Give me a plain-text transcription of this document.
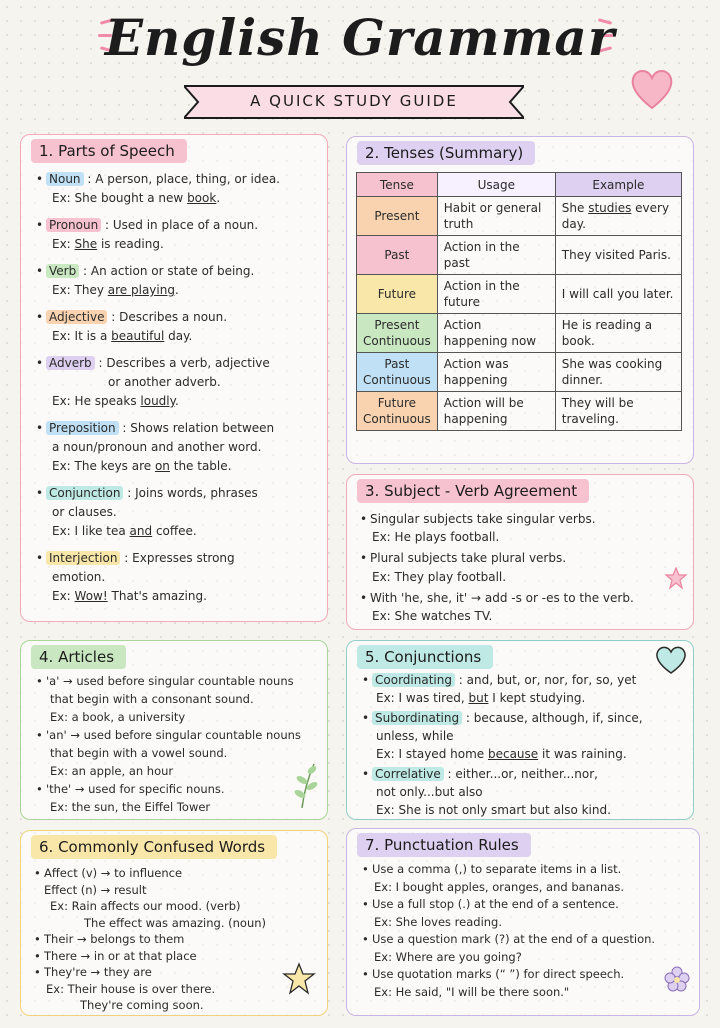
English Grammar
A QUICK STUDY GUIDE
1. Parts of Speech
• Noun : A person, place, thing, or idea.
Ex: She bought a new book.
• Pronoun : Used in place of a noun.
Ex: She is reading.
• Verb : An action or state of being.
Ex: They are playing.
• Adjective : Describes a noun.
Ex: It is a beautiful day.
• Adverb : Describes a verb, adjective
or another adverb.
Ex: He speaks loudly.
• Preposition : Shows relation between
a noun/pronoun and another word.
Ex: The keys are on the table.
• Conjunction : Joins words, phrases
or clauses.
Ex: I like tea and coffee.
• Interjection : Expresses strong
emotion.
Ex: Wow! That's amazing.
2. Tenses (Summary)
Tense	Usage	Example
Present	Habit or general truth	She studies every day.
Past	Action in the past	They visited Paris.
Future	Action in the future	I will call you later.
Present Continuous	Action happening now	He is reading a book.
Past Continuous	Action was happening	She was cooking dinner.
Future Continuous	Action will be happening	They will be traveling.
3. Subject - Verb Agreement
• Singular subjects take singular verbs.
Ex: He plays football.
• Plural subjects take plural verbs.
Ex: They play football.
• With 'he, she, it' → add -s or -es to the verb.
Ex: She watches TV.
4. Articles
• 'a' → used before singular countable nouns
that begin with a consonant sound.
Ex: a book, a university
• 'an' → used before singular countable nouns
that begin with a vowel sound.
Ex: an apple, an hour
• 'the' → used for specific nouns.
Ex: the sun, the Eiffel Tower
5. Conjunctions
• Coordinating : and, but, or, nor, for, so, yet
Ex: I was tired, but I kept studying.
• Subordinating : because, although, if, since,
unless, while
Ex: I stayed home because it was raining.
• Correlative : either...or, neither...nor,
not only...but also
Ex: She is not only smart but also kind.
6. Commonly Confused Words
• Affect (v) → to influence
Effect (n) → result
Ex: Rain affects our mood. (verb)
The effect was amazing. (noun)
• Their → belongs to them
• There → in or at that place
• They're → they are
Ex: Their house is over there.
They're coming soon.
7. Punctuation Rules
• Use a comma (,) to separate items in a list.
Ex: I bought apples, oranges, and bananas.
• Use a full stop (.) at the end of a sentence.
Ex: She loves reading.
• Use a question mark (?) at the end of a question.
Ex: Where are you going?
• Use quotation marks (“ ”) for direct speech.
Ex: He said, "I will be there soon."
